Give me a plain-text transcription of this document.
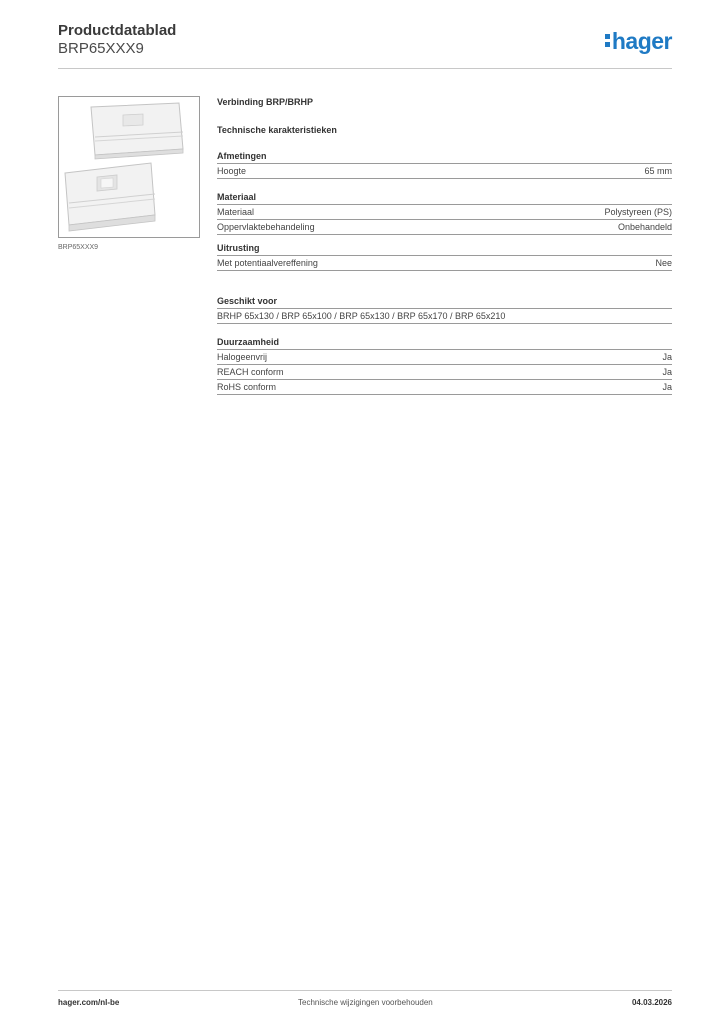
Productdatablad
BRP65XXX9	hager
BRP65XXX9
Verbinding BRP/BRHP
Technische karakteristieken
Afmetingen
Hoogte	65 mm
Materiaal
Materiaal	Polystyreen (PS)
Oppervlaktebehandeling	Onbehandeld
Uitrusting
Met potentiaalvereffening	Nee
Geschikt voor
BRHP 65x130 / BRP 65x100 / BRP 65x130 / BRP 65x170 / BRP 65x210
Duurzaamheid
Halogeenvrij	Ja
REACH conform	Ja
RoHS conform	Ja
hager.com/nl-be	Technische wijzigingen voorbehouden	04.03.2026
